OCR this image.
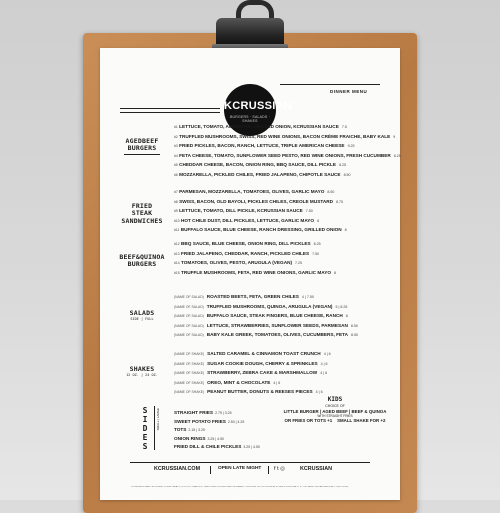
KCRUSSIAN
BURGERS · SALADS · SHAKES
DINNER MENU
AGEDBEEF
BURGERS
#1 LETTUCE, TOMATO, AMERICAN, GRILLED ONION, KCRUSSIAN SAUCE 7.5
#2 TRUFFLED MUSHROOMS, SWISS, RED WINE ONIONS, BACON CRÈME FRAICHE, BABY KALE 9
#3 FRIED PICKLES, BACON, RANCH, LETTUCE, TRIPLE AMERICAN CHEESE 9.25
#4 FETA CHEESE, TOMATO, SUNFLOWER SEED PESTO, RED WINE ONIONS, FRESH CUCUMBER 8.25
#5 CHEDDAR CHEESE, BACON, ONION RING, BBQ SAUCE, DILL PICKLE 8.25
#6 MOZZARELLA, PICKLED CHILES, FRIED JALAPENO, CHIPOTLE SAUCE 8.50
FRIED
STEAK
SANDWICHES
#7 PARMESAN, MOZZARELLA, TOMATOES, OLIVES, GARLIC MAYO 8.50
#8 SWISS, BACON, OLD BAYOLI, PICKLES CHILES, CREOLE MUSTARD 8.75
#9 LETTUCE, TOMATO, DILL PICKLE, KCRUSSIAN SAUCE 7.50
#10 HOT CHILE DUST, DILL PICKLES, LETTUCE, GARLIC MAYO 8
#11 BUFFALO SAUCE, BLUE CHEESE, RANCH DRESSING, GRILLED ONION 8
BEEF&QUINOA
BURGERS
#12 BBQ SAUCE, BLUE CHEESE, ONION RING, DILL PICKLES 8.25
#13 FRIED JALAPENO, CHEDDAR, RANCH, PICKLED CHILES 7.50
#14 TOMATOES, OLIVES, PESTO, ARUGULA (VEGAN) 7.25
#15 TRUFFLE MUSHROOMS, FETA, RED WINE ONIONS, GARLIC MAYO 8
SALADS
SIDE | FULL
(NAME OF SALAD) ROASTED BEETS, FETA, GREEN CHILES 4 | 7.50
(NAME OF SALAD) TRUFFLED MUSHROOMS, QUINOA, ARUGULA (VEGAN) 5 | 8.25
(NAME OF SALAD) BUFFALO SAUCE, STEAK FINGERS, BLUE CHEESE, RANCH 8
(NAME OF SALAD) LETTUCE, STRAWBERRIES, SUNFLOWER SEEDS, PARMESAN 8.50
(NAME OF SALAD) BABY KALE GREEK, TOMATOES, OLIVES, CUCUMBERS, FETA 8.50
SHAKES
12 OZ. | 24 OZ.
(NAME OF SHAKE) SALTED CARAMEL & CINNAMON TOAST CRUNCH 4 | 6
(NAME OF SHAKE) SUGAR COOKIE DOUGH, CHERRY & SPRINKLES 4 | 6
(NAME OF SHAKE) STRAWBERRY, ZEBRA CAKE & MARSHMALLOW 4 | 6
(NAME OF SHAKE) OREO, MINT & CHOCOLATE 4 | 6
(NAME OF SHAKE) PEANUT BUTTER, DONUTS & REESES PIECES 4 | 6
S
I
D
E
S
SMALL | LARGE	STRAIGHT FRIES 2.75 | 3.25
SWEET POTATO FRIES 2.50 | 4.25
TOTS 2.15 | 3.25
ONION RINGS 3.25 | 4.50
FRIED DILL & CHILE PICKLES 3.25 | 4.50
KIDS
CHOICE OF
LITTLE BURGER | AGED BEEF | BEEF & QUINOA
WITH STRAIGHT FRIES
OR FRIES OR TOTS +1 SMALL SHAKE FOR +2
KCRUSSIAN.COM	OPEN LATE NIGHT f t ◎	KCRUSSIAN
*CONSUMING RAW OR UNDERCOOKED MEATS, POULTRY, SEAFOOD, SHELLFISH OR EGGS MAY INCREASE YOUR RISK OF FOOD BORNE ILLNESS, ESPECIALLY IF YOU HAVE CERTAIN MEDICAL CONDITIONS.
